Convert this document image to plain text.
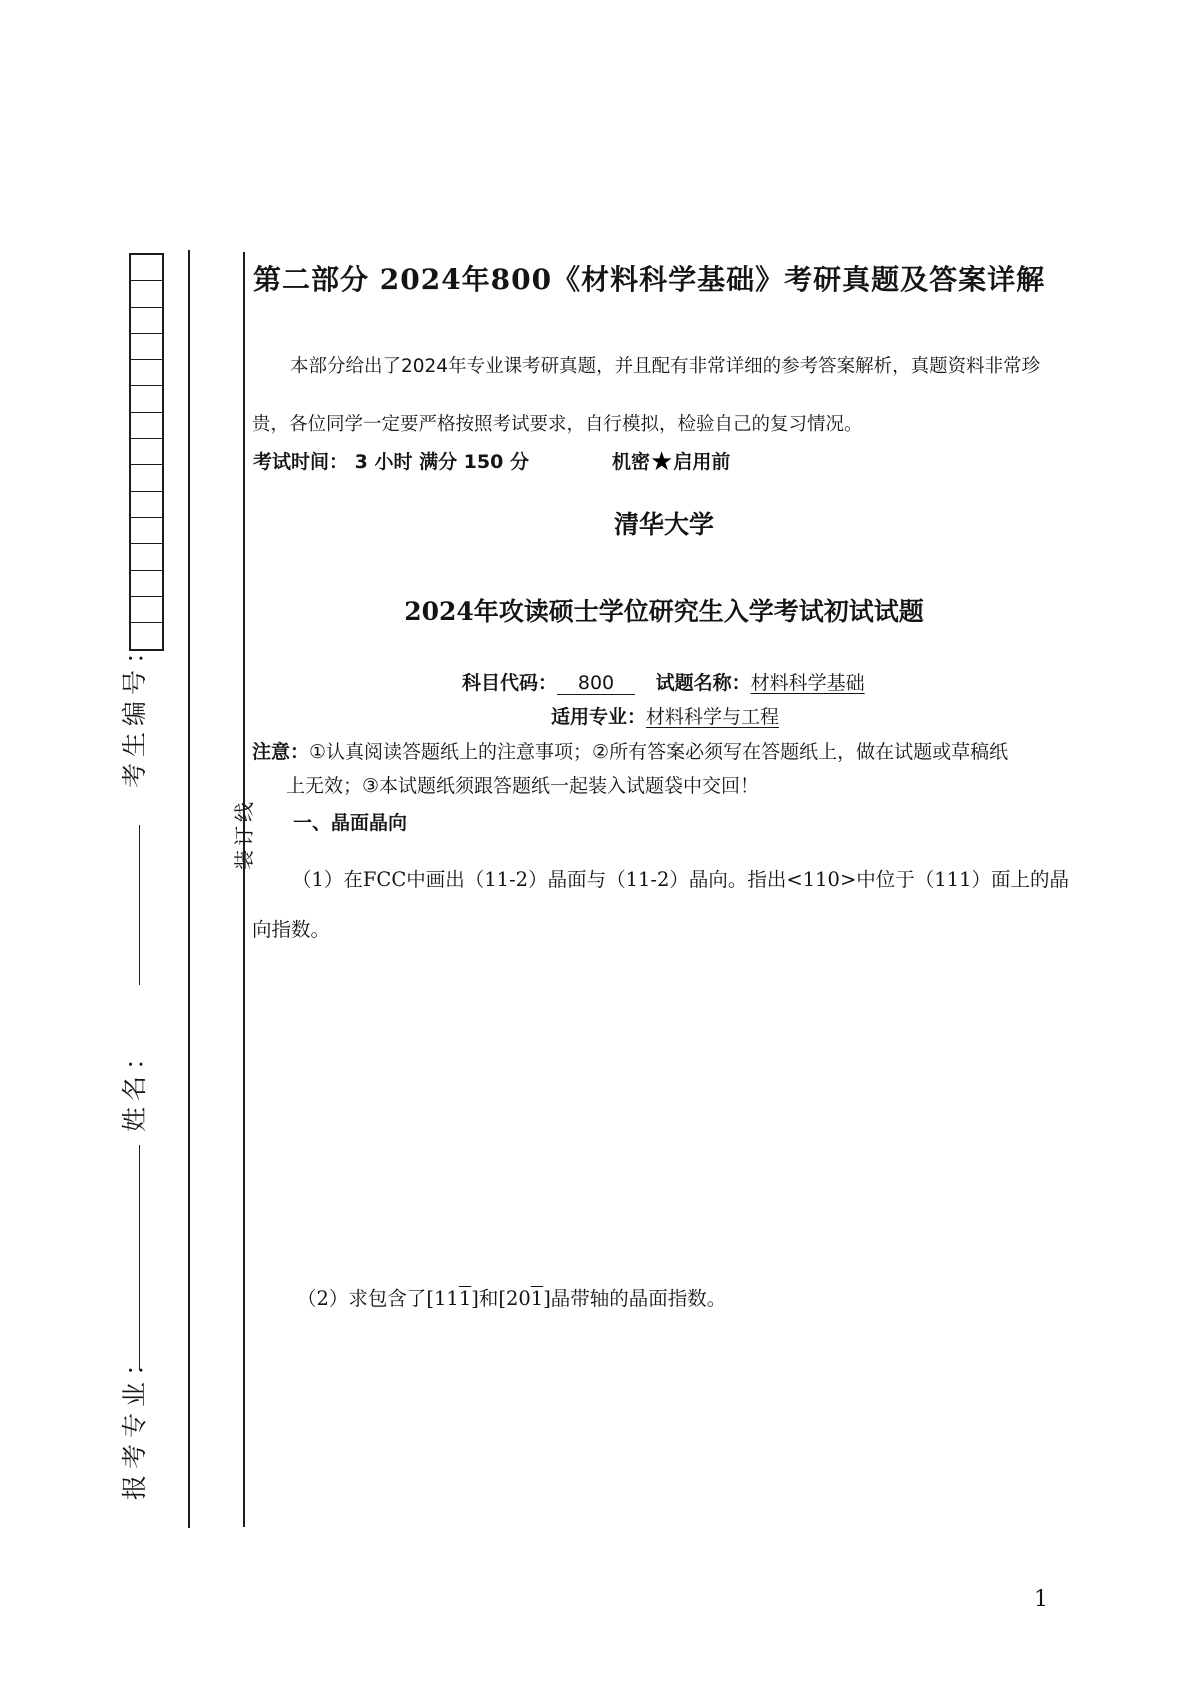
考生编号：
姓名：
报考专业：
装订线
第二部分 2024年800《材料科学基础》考研真题及答案详解
本部分给出了2024年专业课考研真题，并且配有非常详细的参考答案解析，真题资料非常珍贵，各位同学一定要严格按照考试要求，自行模拟，检验自己的复习情况。
考试时间： 3 小时 满分 150 分	机密★启用前
清华大学
2024年攻读硕士学位研究生入学考试初试试题
科目代码： 800 试题名称：材料科学基础
适用专业：材料科学与工程
注意：①认真阅读答题纸上的注意事项；②所有答案必须写在答题纸上，做在试题或草稿纸
上无效；③本试题纸须跟答题纸一起装入试题袋中交回！
一、晶面晶向
（1）在FCC中画出（11-2）晶面与（11-2）晶向。指出<110>中位于（111）面上的晶向指数。
（2）求包含了[111]和[201]晶带轴的晶面指数。
1
